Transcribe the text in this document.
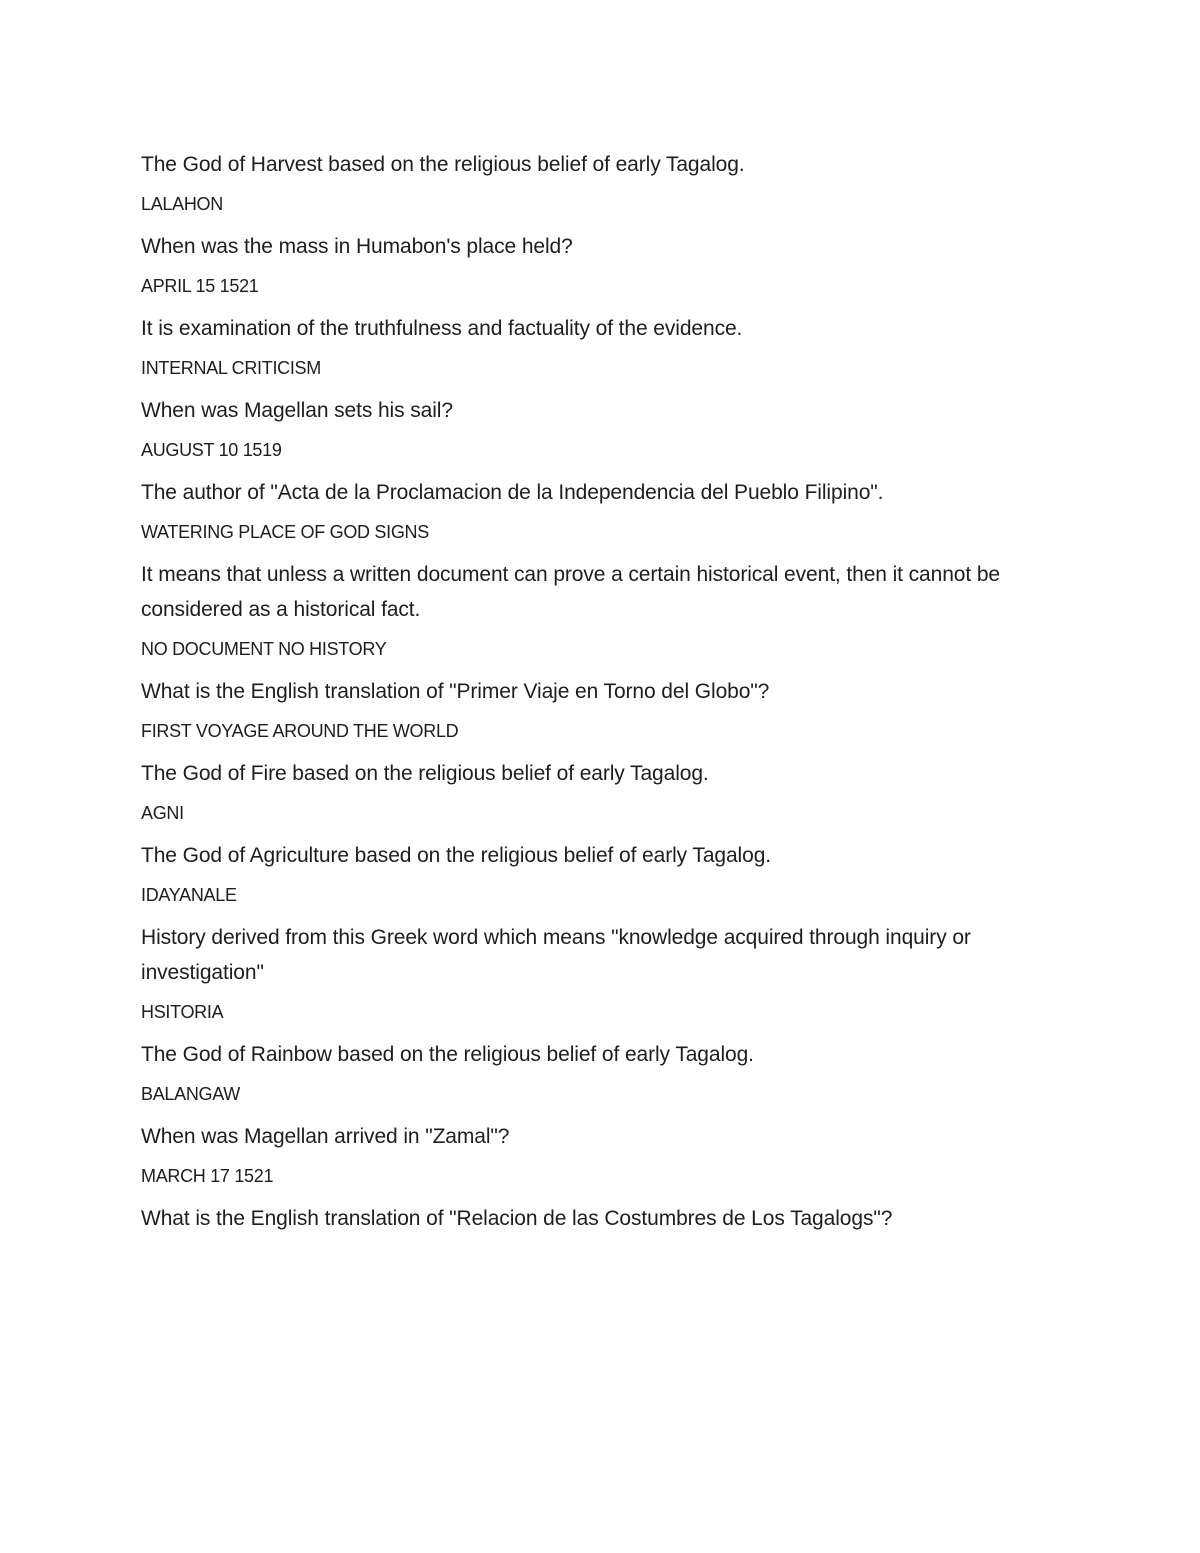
The God of Harvest based on the religious belief of early Tagalog.

LALAHON

When was the mass in Humabon's place held?

APRIL 15 1521

It is examination of the truthfulness and factuality of the evidence.

INTERNAL CRITICISM

When was Magellan sets his sail?

AUGUST 10 1519

The author of "Acta de la Proclamacion de la Independencia del Pueblo Filipino".

WATERING PLACE OF GOD SIGNS

It means that unless a written document can prove a certain historical event, then it cannot be considered as a historical fact.

NO DOCUMENT NO HISTORY

What is the English translation of "Primer Viaje en Torno del Globo"?

FIRST VOYAGE AROUND THE WORLD

The God of Fire based on the religious belief of early Tagalog.

AGNI

The God of Agriculture based on the religious belief of early Tagalog.

IDAYANALE

History derived from this Greek word which means "knowledge acquired through inquiry or investigation"

HSITORIA

The God of Rainbow based on the religious belief of early Tagalog.

BALANGAW

When was Magellan arrived in "Zamal"?

MARCH 17 1521

What is the English translation of "Relacion de las Costumbres de Los Tagalogs"?
